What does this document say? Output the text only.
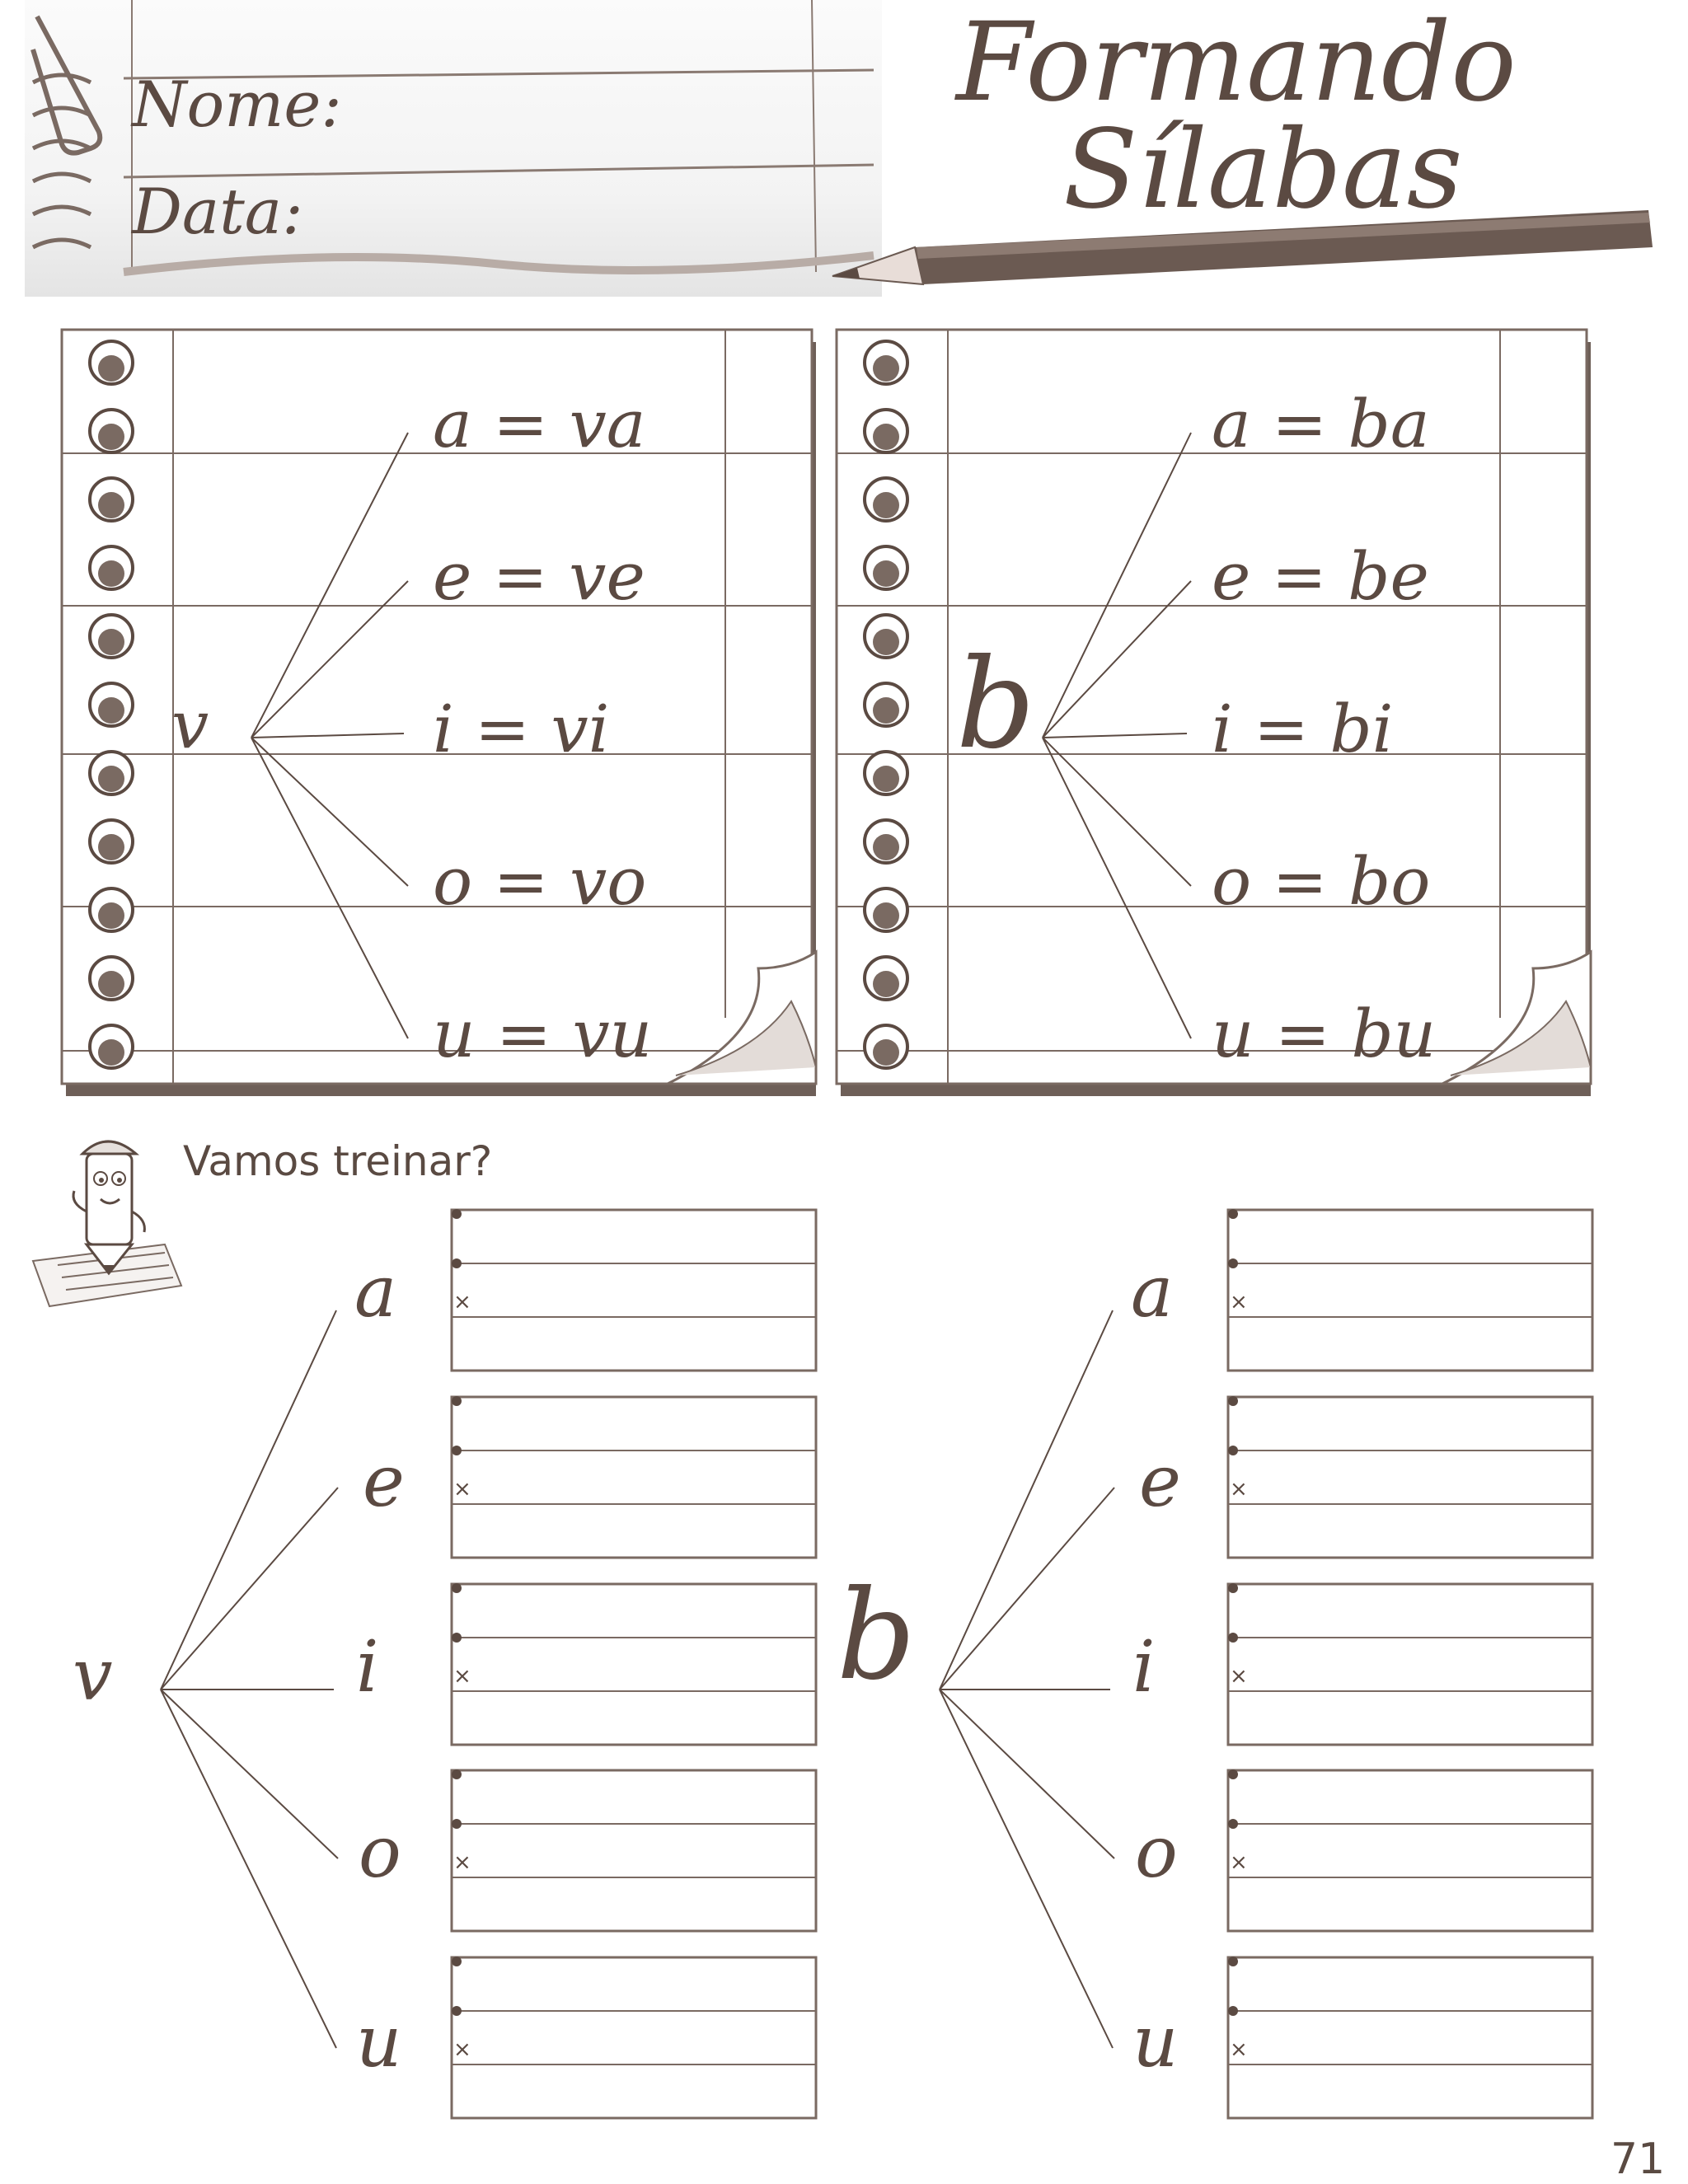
Nome:
Data:
Formando
Sílabas
v	b
a = va
e = ve
i = vi
o = vo
u = vu
a = ba
e = be
i = bi
o = bo
u = bu
Vamos treinar?
v	b
a
e
i
o
u
a
e
i
o
u
×
×
×
×
×
×
×
×
×
×
71
